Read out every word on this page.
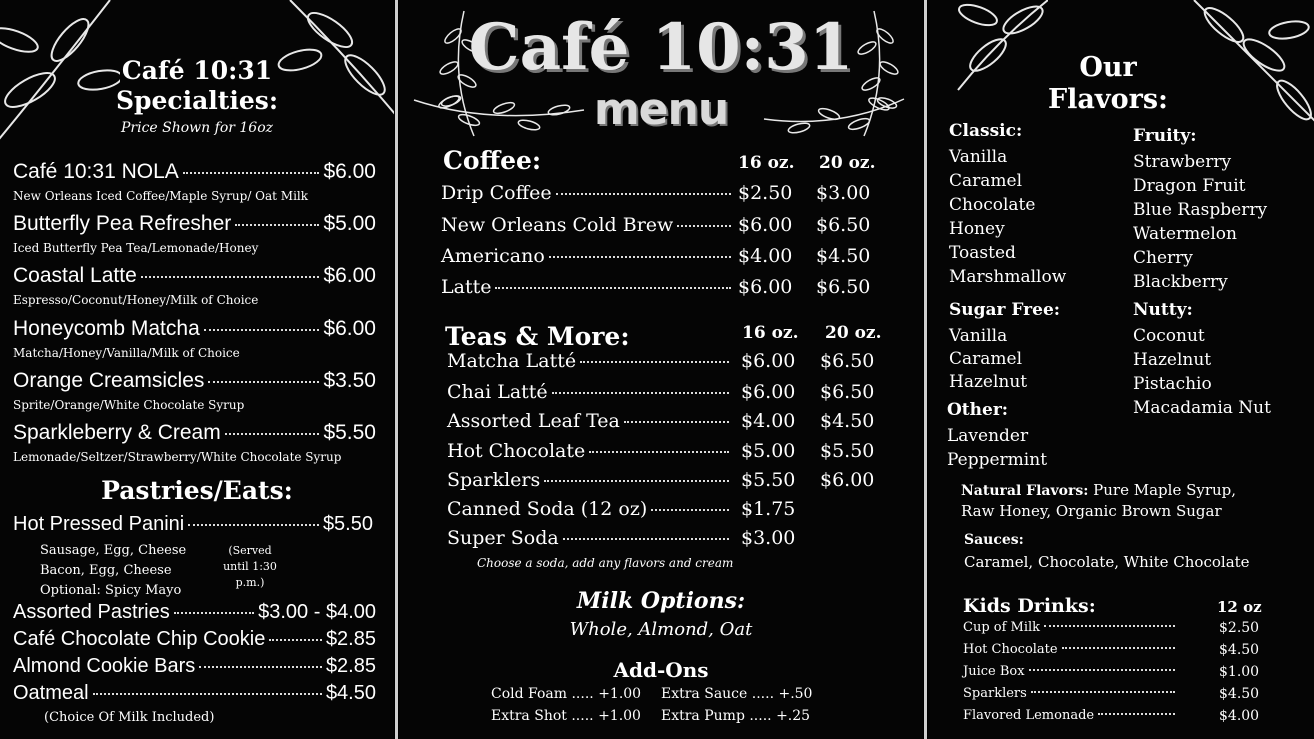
Café 10:31
Specialties:
Price Shown for 16oz
Café 10:31 NOLA	$6.00
New Orleans Iced Coffee/Maple Syrup/ Oat Milk
Butterfly Pea Refresher	$5.00
Iced Butterfly Pea Tea/Lemonade/Honey
Coastal Latte	$6.00
Espresso/Coconut/Honey/Milk of Choice
Honeycomb Matcha	$6.00
Matcha/Honey/Vanilla/Milk of Choice
Orange Creamsicles	$3.50
Sprite/Orange/White Chocolate Syrup
Sparkleberry & Cream	$5.50
Lemonade/Seltzer/Strawberry/White Chocolate Syrup
Pastries/Eats:
Hot Pressed Panini	$5.50
Sausage, Egg, Cheese
Bacon, Egg, Cheese
Optional: Spicy Mayo
(Served
until 1:30
p.m.)
Assorted Pastries	$3.00 - $4.00
Café Chocolate Chip Cookie	$2.85
Almond Cookie Bars	$2.85
Oatmeal	$4.50
(Choice Of Milk Included)
Café 10:31
menu
Coffee:	16 oz. 20 oz.
Drip Coffee	$2.50 $3.00
New Orleans Cold Brew	$6.00 $6.50
Americano	$4.00 $4.50
Latte	$6.00 $6.50
Teas & More:	16 oz. 20 oz.
Matcha Latté	$6.00 $6.50
Chai Latté	$6.00 $6.50
Assorted Leaf Tea	$4.00 $4.50
Hot Chocolate	$5.00 $5.50
Sparklers	$5.50 $6.00
Canned Soda (12 oz)	$1.75
Super Soda	$3.00
Choose a soda, add any flavors and cream
Milk Options:
Whole, Almond, Oat
Add-Ons
Cold Foam ..... +1.00 Extra Sauce ..... +.50
Extra Shot ..... +1.00 Extra Pump ..... +.25
Our
Flavors:
Classic:
Vanilla
Caramel
Chocolate
Honey
Toasted
Marshmallow
Fruity:
Strawberry
Dragon Fruit
Blue Raspberry
Watermelon
Cherry
Blackberry
Sugar Free:
Vanilla
Caramel
Hazelnut
Nutty:
Coconut
Hazelnut
Pistachio
Macadamia Nut
Other:
Lavender
Peppermint
Natural Flavors: Pure Maple Syrup,
Raw Honey, Organic Brown Sugar
Sauces:
Caramel, Chocolate, White Chocolate
Kids Drinks:	12 oz
Cup of Milk	$2.50
Hot Chocolate	$4.50
Juice Box	$1.00
Sparklers	$4.50
Flavored Lemonade	$4.00
